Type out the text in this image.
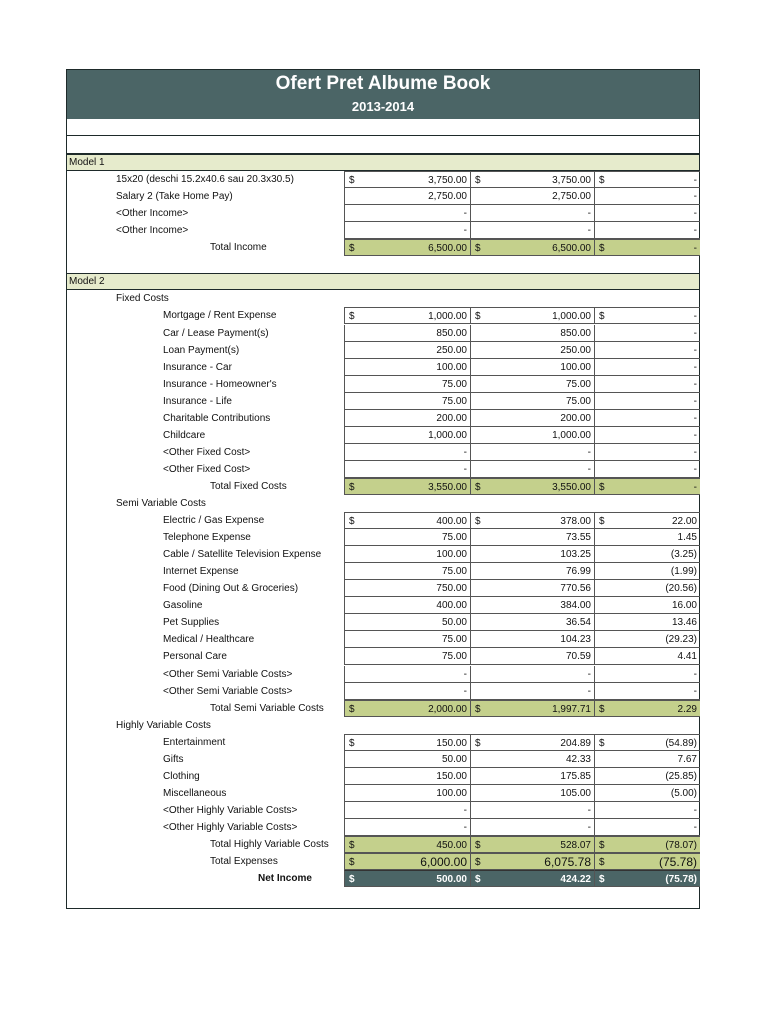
Ofert Pret Albume Book
2013-2014
Model 1
15x20 (deschi 15.2x40.6 sau 20.3x30.5)	$	3,750.00 $	3,750.00 $	-
Salary 2 (Take Home Pay)	2,750.00	2,750.00	-
<Other Income>	-	-	-
<Other Income>	-	-	-
Total Income	$	6,500.00 $	6,500.00 $	-
Model 2
Fixed Costs
Mortgage / Rent Expense	$	1,000.00 $	1,000.00 $	-
Car / Lease Payment(s)	850.00	850.00	-
Loan Payment(s)	250.00	250.00	-
Insurance - Car	100.00	100.00	-
Insurance - Homeowner's	75.00	75.00	-
Insurance - Life	75.00	75.00	-
Charitable Contributions	200.00	200.00	-
Childcare	1,000.00	1,000.00	-
<Other Fixed Cost>	-	-	-
<Other Fixed Cost>	-	-	-
Total Fixed Costs	$	3,550.00 $	3,550.00 $	-
Semi Variable Costs
Electric / Gas Expense	$	400.00 $	378.00 $	22.00
Telephone Expense	75.00	73.55	1.45
Cable / Satellite Television Expense	100.00	103.25	(3.25)
Internet Expense	75.00	76.99	(1.99)
Food (Dining Out & Groceries)	750.00	770.56	(20.56)
Gasoline	400.00	384.00	16.00
Pet Supplies	50.00	36.54	13.46
Medical / Healthcare	75.00	104.23	(29.23)
Personal Care	75.00	70.59	4.41
<Other Semi Variable Costs>	-	-	-
<Other Semi Variable Costs>	-	-	-
Total Semi Variable Costs	$	2,000.00 $	1,997.71 $	2.29
Highly Variable Costs
Entertainment	$	150.00 $	204.89 $	(54.89)
Gifts	50.00	42.33	7.67
Clothing	150.00	175.85	(25.85)
Miscellaneous	100.00	105.00	(5.00)
<Other Highly Variable Costs>	-	-	-
<Other Highly Variable Costs>	-	-	-
Total Highly Variable Costs $	450.00 $	528.07 $	(78.07)
Total Expenses	$	6,000.00 $	6,075.78 $	(75.78)
Net Income	$	500.00 $	424.22 $	(75.78)
